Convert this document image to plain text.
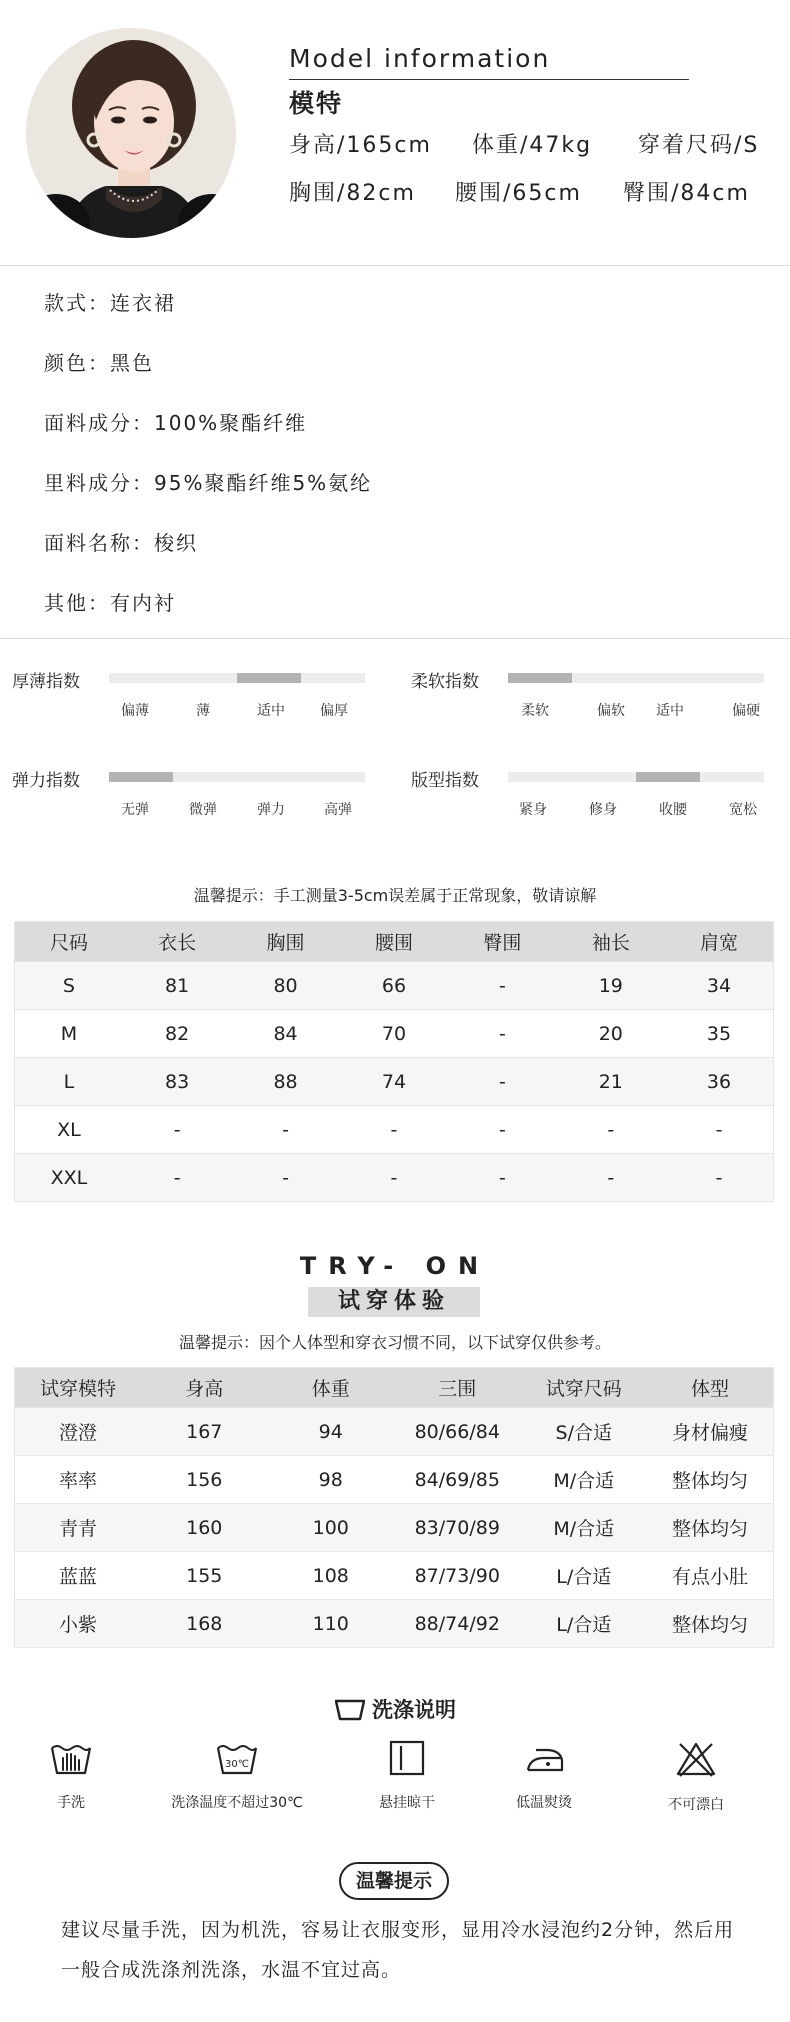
Model information
模特
身高/165cm 体重/47kg 穿着尺码/S
胸围/82cm 腰围/65cm 臀围/84cm
款式：连衣裙
颜色：黑色
面料成分：100%聚酯纤维
里料成分：95%聚酯纤维5%氨纶
面料名称：梭织
其他：有内衬
厚薄指数
偏薄	薄	适中	偏厚
柔软指数
柔软	偏软 适中	偏硬
弹力指数
无弹	微弹	弹力	高弹
版型指数
紧身	修身	收腰	宽松
温馨提示：手工测量3-5cm误差属于正常现象，敬请谅解
尺码	衣长	胸围	腰围	臀围	袖长	肩宽
S	81	80	66	-	19	34
M	82	84	70	-	20	35
L	83	88	74	-	21	36
XL	-	-	-	-	-	-
XXL	-	-	-	-	-	-
TRY- ON
试穿体验
温馨提示：因个人体型和穿衣习惯不同，以下试穿仅供参考。
试穿模特	身高	体重	三围	试穿尺码	体型
澄澄	167	94	80/66/84	S/合适	身材偏瘦
率率	156	98	84/69/85	M/合适	整体均匀
青青	160	100	83/70/89	M/合适	整体均匀
蓝蓝	155	108	87/73/90	L/合适	有点小肚
小紫	168	110	88/74/92	L/合适	整体均匀
洗涤说明
手洗
30℃
洗涤温度不超过30℃	悬挂晾干	低温熨烫	不可漂白
温馨提示
建议尽量手洗，因为机洗，容易让衣服变形，显用冷水浸泡约2分钟，然后用一般合成洗涤剂洗涤，水温不宜过高。
